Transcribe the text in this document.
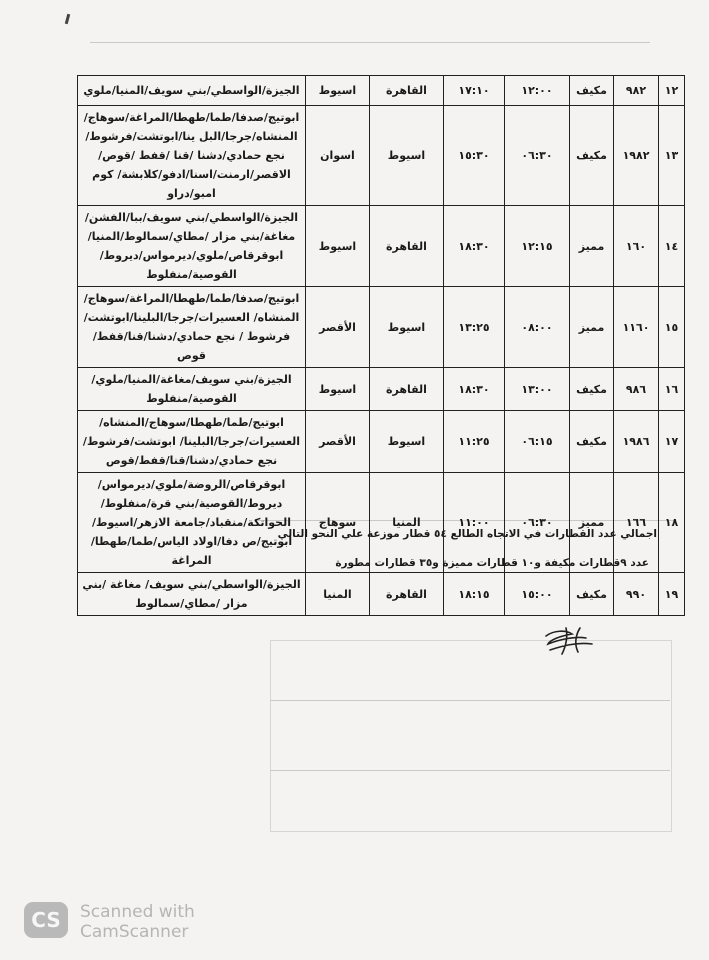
١٢	٩٨٢	مكيف	١٢:٠٠	١٧:١٠	القاهرة	اسيوط	الجيزة/الواسطي/بني سويف/المنيا/ملوي
١٣	١٩٨٢	مكيف	٠٦:٣٠	١٥:٣٠	اسيوط	اسوان	ابوتيج/صدفا/طما/طهطا/المراغة/سوهاج/المنشاه/جرجا/البل ينا/ابوتشت/فرشوط/ نجع حمادي/دشنا /قنا /قفط /قوص/الاقصر/ارمنت/اسنا/ادفو/كلابشة/ كوم امبو/دراو
١٤	١٦٠	مميز	١٢:١٥	١٨:٣٠	القاهرة	اسيوط	الجيزة/الواسطي/بني سويف/ببا/الفشن/مغاغة/بني مزار /مطاي/سمالوط/المنيا/ابوقرقاص/ملوي/ديرمواس/ديروط/ القوصية/منفلوط
١٥	١١٦٠	مميز	٠٨:٠٠	١٣:٢٥	اسيوط	الأقصر	ابوتيج/صدفا/طما/طهطا/المراغة/سوهاج/المنشاه/ العسيرات/جرجا/البلينا/ابوتشت/فرشوط / نجع حمادي/دشنا/قنا/قفط/قوص
١٦	٩٨٦	مكيف	١٣:٠٠	١٨:٣٠	القاهرة	اسيوط	الجيزة/بني سويف/مغاغة/المنيا/ملوي/القوصية/منفلوط
١٧	١٩٨٦	مكيف	٠٦:١٥	١١:٢٥	اسيوط	الأقصر	ابوتيج/طما/طهطا/سوهاج/المنشاه/العسيرات/جرجا/البلينا/ ابوتشت/فرشوط/نجع حمادي/دشنا/قنا/قفط/قوص
١٨	١٦٦	مميز	٠٦:٣٠	١١:٠٠	المنيا	سوهاج	ابوقرقاص/الروضة/ملوي/ديرمواس/ديروط/القوصية/بني قرة/منفلوط/الحواتكة/منقباد/جامعة الازهر/اسيوط/ابوتيج/ص دفا/اولاد الياس/طما/طهطا/المراغة
١٩	٩٩٠	مكيف	١٥:٠٠	١٨:١٥	القاهرة	المنيا	الجيزة/الواسطي/بني سويف/ مغاغة /بني مزار /مطاي/سمالوط
اجمالي عدد القطارات في الاتجاه الطالع ٥٤ قطار موزعة علي النحو التالي
عدد ٩قطارات مكيفة و١٠ قطارات مميزة و٣٥ قطارات مطورة
CS	Scanned with
CamScanner
